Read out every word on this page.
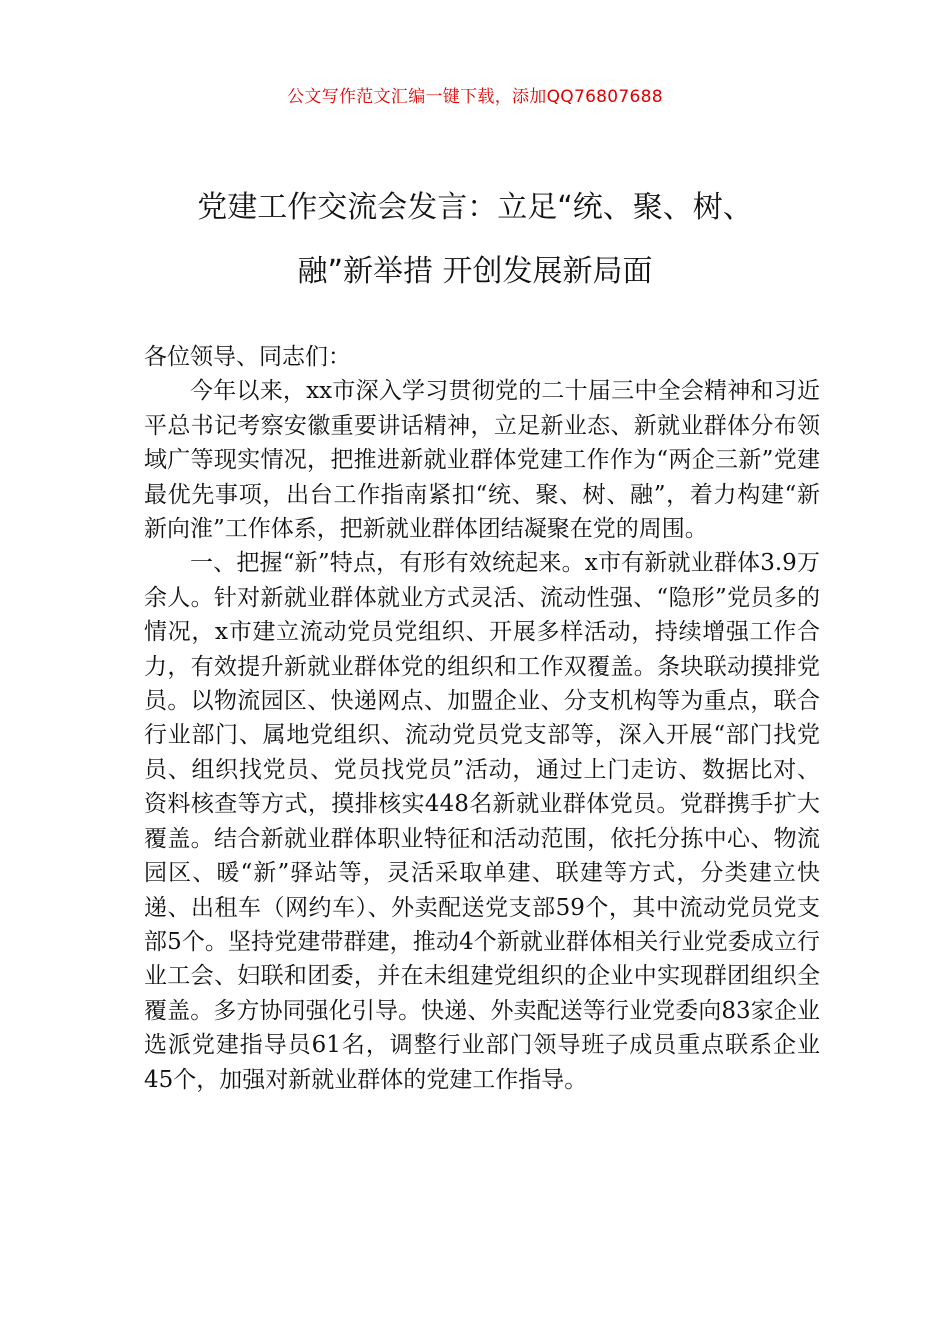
公文写作范文汇编一键下载，添加QQ76807688
党建工作交流会发言：立足“统、聚、树、
融”新举措 开创发展新局面

各位领导、同志们：

今年以来，xx市深入学习贯彻党的二十届三中全会精神和习近平总书记考察安徽重要讲话精神，立足新业态、新就业群体分布领域广等现实情况，把推进新就业群体党建工作作为“两企三新”党建最优先事项，出台工作指南紧扣“统、聚、树、融”，着力构建“新新向淮”工作体系，把新就业群体团结凝聚在党的周围。

一、把握“新”特点，有形有效统起来。x市有新就业群体3.9万余人。针对新就业群体就业方式灵活、流动性强、“隐形”党员多的情况，x市建立流动党员党组织、开展多样活动，持续增强工作合力，有效提升新就业群体党的组织和工作双覆盖。条块联动摸排党员。以物流园区、快递网点、加盟企业、分支机构等为重点，联合行业部门、属地党组织、流动党员党支部等，深入开展“部门找党员、组织找党员、党员找党员”活动，通过上门走访、数据比对、资料核查等方式，摸排核实448名新就业群体党员。党群携手扩大覆盖。结合新就业群体职业特征和活动范围，依托分拣中心、物流园区、暖“新”驿站等，灵活采取单建、联建等方式，分类建立快递、出租车（网约车）、外卖配送党支部59个，其中流动党员党支部5个。坚持党建带群建，推动4个新就业群体相关行业党委成立行业工会、妇联和团委，并在未组建党组织的企业中实现群团组织全覆盖。多方协同强化引导。快递、外卖配送等行业党委向83家企业选派党建指导员61名，调整行业部门领导班子成员重点联系企业45个，加强对新就业群体的党建工作指导。
